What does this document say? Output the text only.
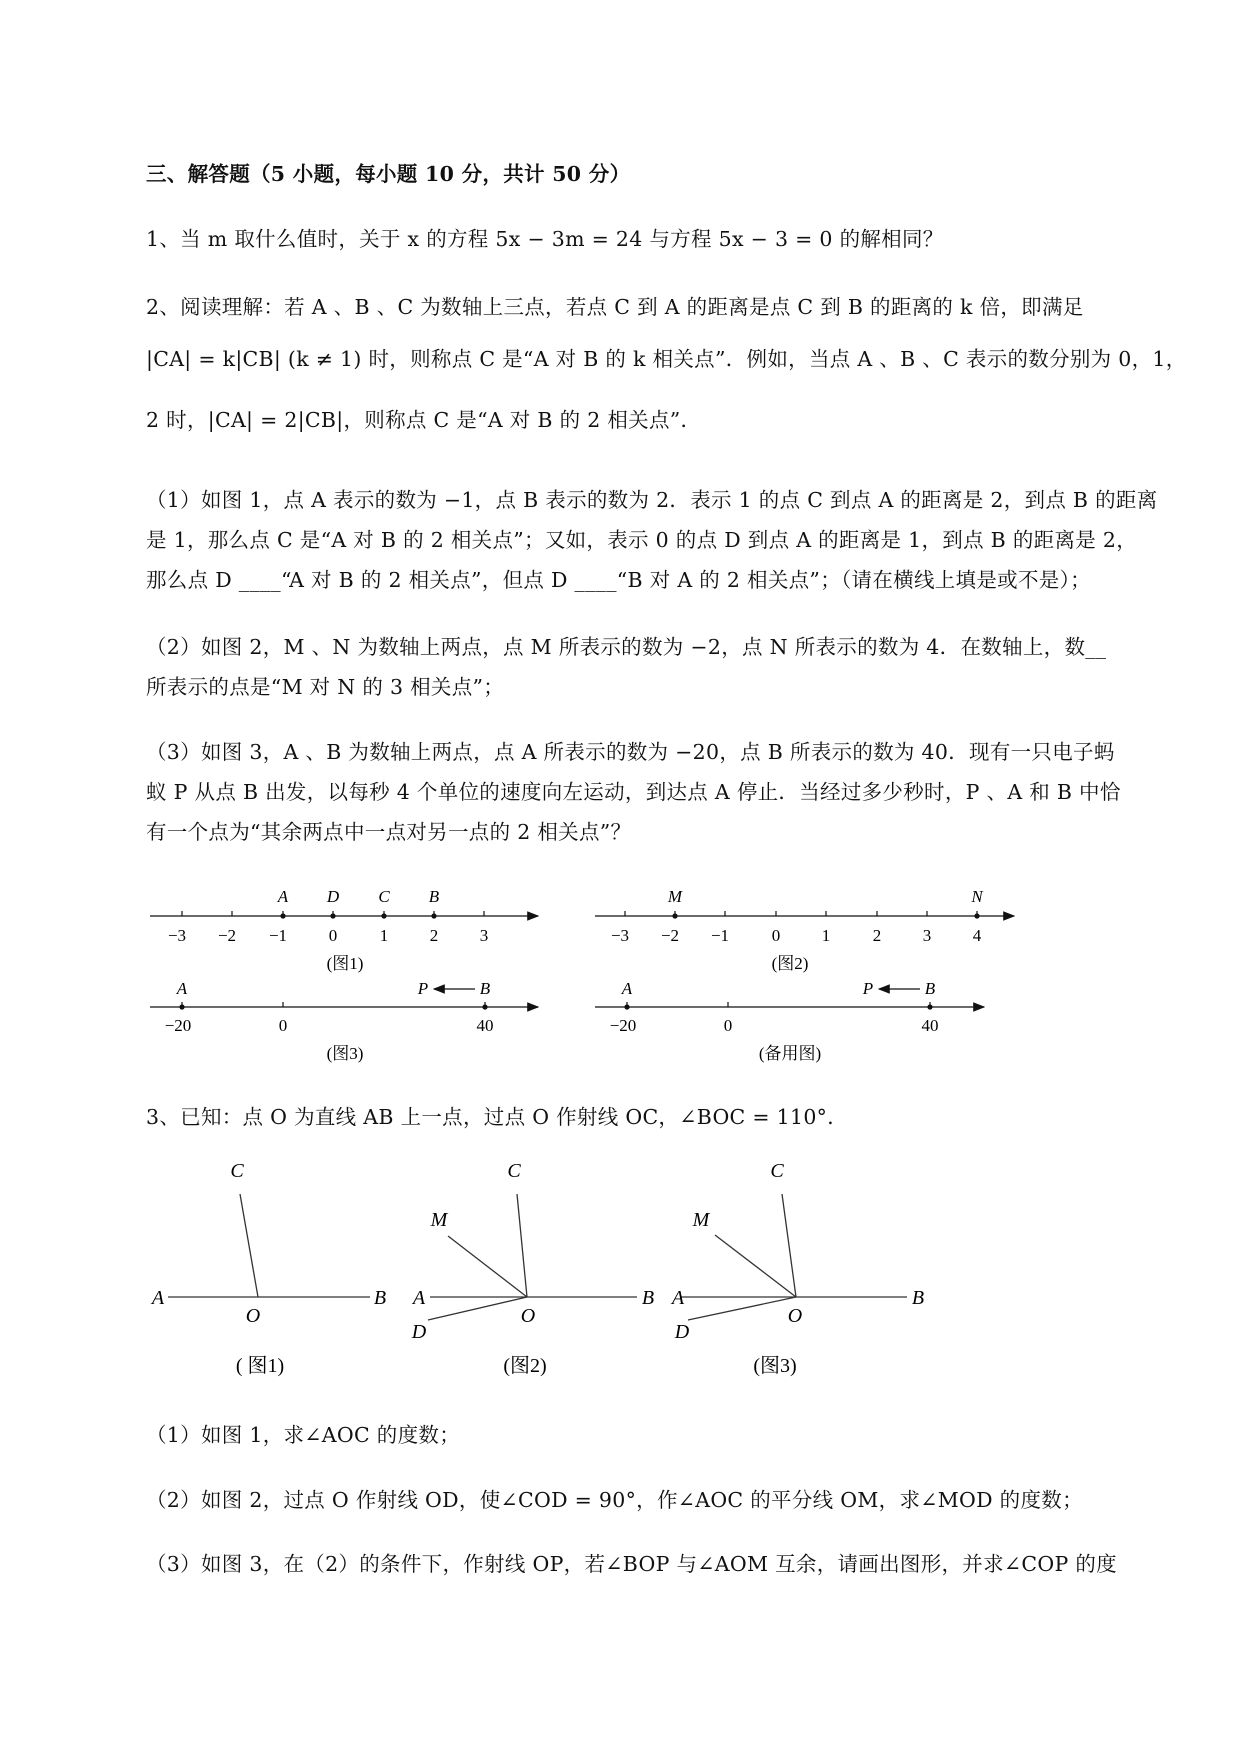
三、解答题（5 小题，每小题 10 分，共计 50 分）
1、当 m 取什么值时，关于 x 的方程 5x − 3m = 24 与方程 5x − 3 = 0 的解相同？
2、阅读理解：若 A 、B 、C 为数轴上三点，若点 C 到 A 的距离是点 C 到 B 的距离的 k 倍，即满足
|CA| = k|CB| (k ≠ 1) 时，则称点 C 是“A 对 B 的 k 相关点”．例如，当点 A 、B 、C 表示的数分别为 0，1，
2 时，|CA| = 2|CB|，则称点 C 是“A 对 B 的 2 相关点”．
（1）如图 1，点 A 表示的数为 −1，点 B 表示的数为 2．表示 1 的点 C 到点 A 的距离是 2，到点 B 的距离
是 1，那么点 C 是“A 对 B 的 2 相关点”；又如，表示 0 的点 D 到点 A 的距离是 1，到点 B 的距离是 2，
那么点 D ____“A 对 B 的 2 相关点”，但点 D ____“B 对 A 的 2 相关点”；（请在横线上填是或不是）；
（2）如图 2，M 、N 为数轴上两点，点 M 所表示的数为 −2，点 N 所表示的数为 4．在数轴上，数__
所表示的点是“M 对 N 的 3 相关点”；
（3）如图 3，A 、B 为数轴上两点，点 A 所表示的数为 −20，点 B 所表示的数为 40．现有一只电子蚂
蚁 P 从点 B 出发，以每秒 4 个单位的速度向左运动，到达点 A 停止．当经过多少秒时，P 、A 和 B 中恰
有一个点为“其余两点中一点对另一点的 2 相关点”？
−3 −2 −1 0	1 2 3
A D C B
(图1)
−3 −2 −1	0 1	2 3 4
M	N
(图2)
−20	0	40
A	P	B
(图3)
−20	0	40
A	P	B
(备用图)
3、已知：点 O 为直线 AB 上一点，过点 O 作射线 OC，∠BOC = 110°．
A
O
B
C
( 图1)
A
O
B
C
M
D
(图2)
A
O
B
C
M
D
(图3)
（1）如图 1，求∠AOC 的度数；
（2）如图 2，过点 O 作射线 OD，使∠COD = 90°，作∠AOC 的平分线 OM，求∠MOD 的度数；
（3）如图 3，在（2）的条件下，作射线 OP，若∠BOP 与∠AOM 互余，请画出图形，并求∠COP 的度
